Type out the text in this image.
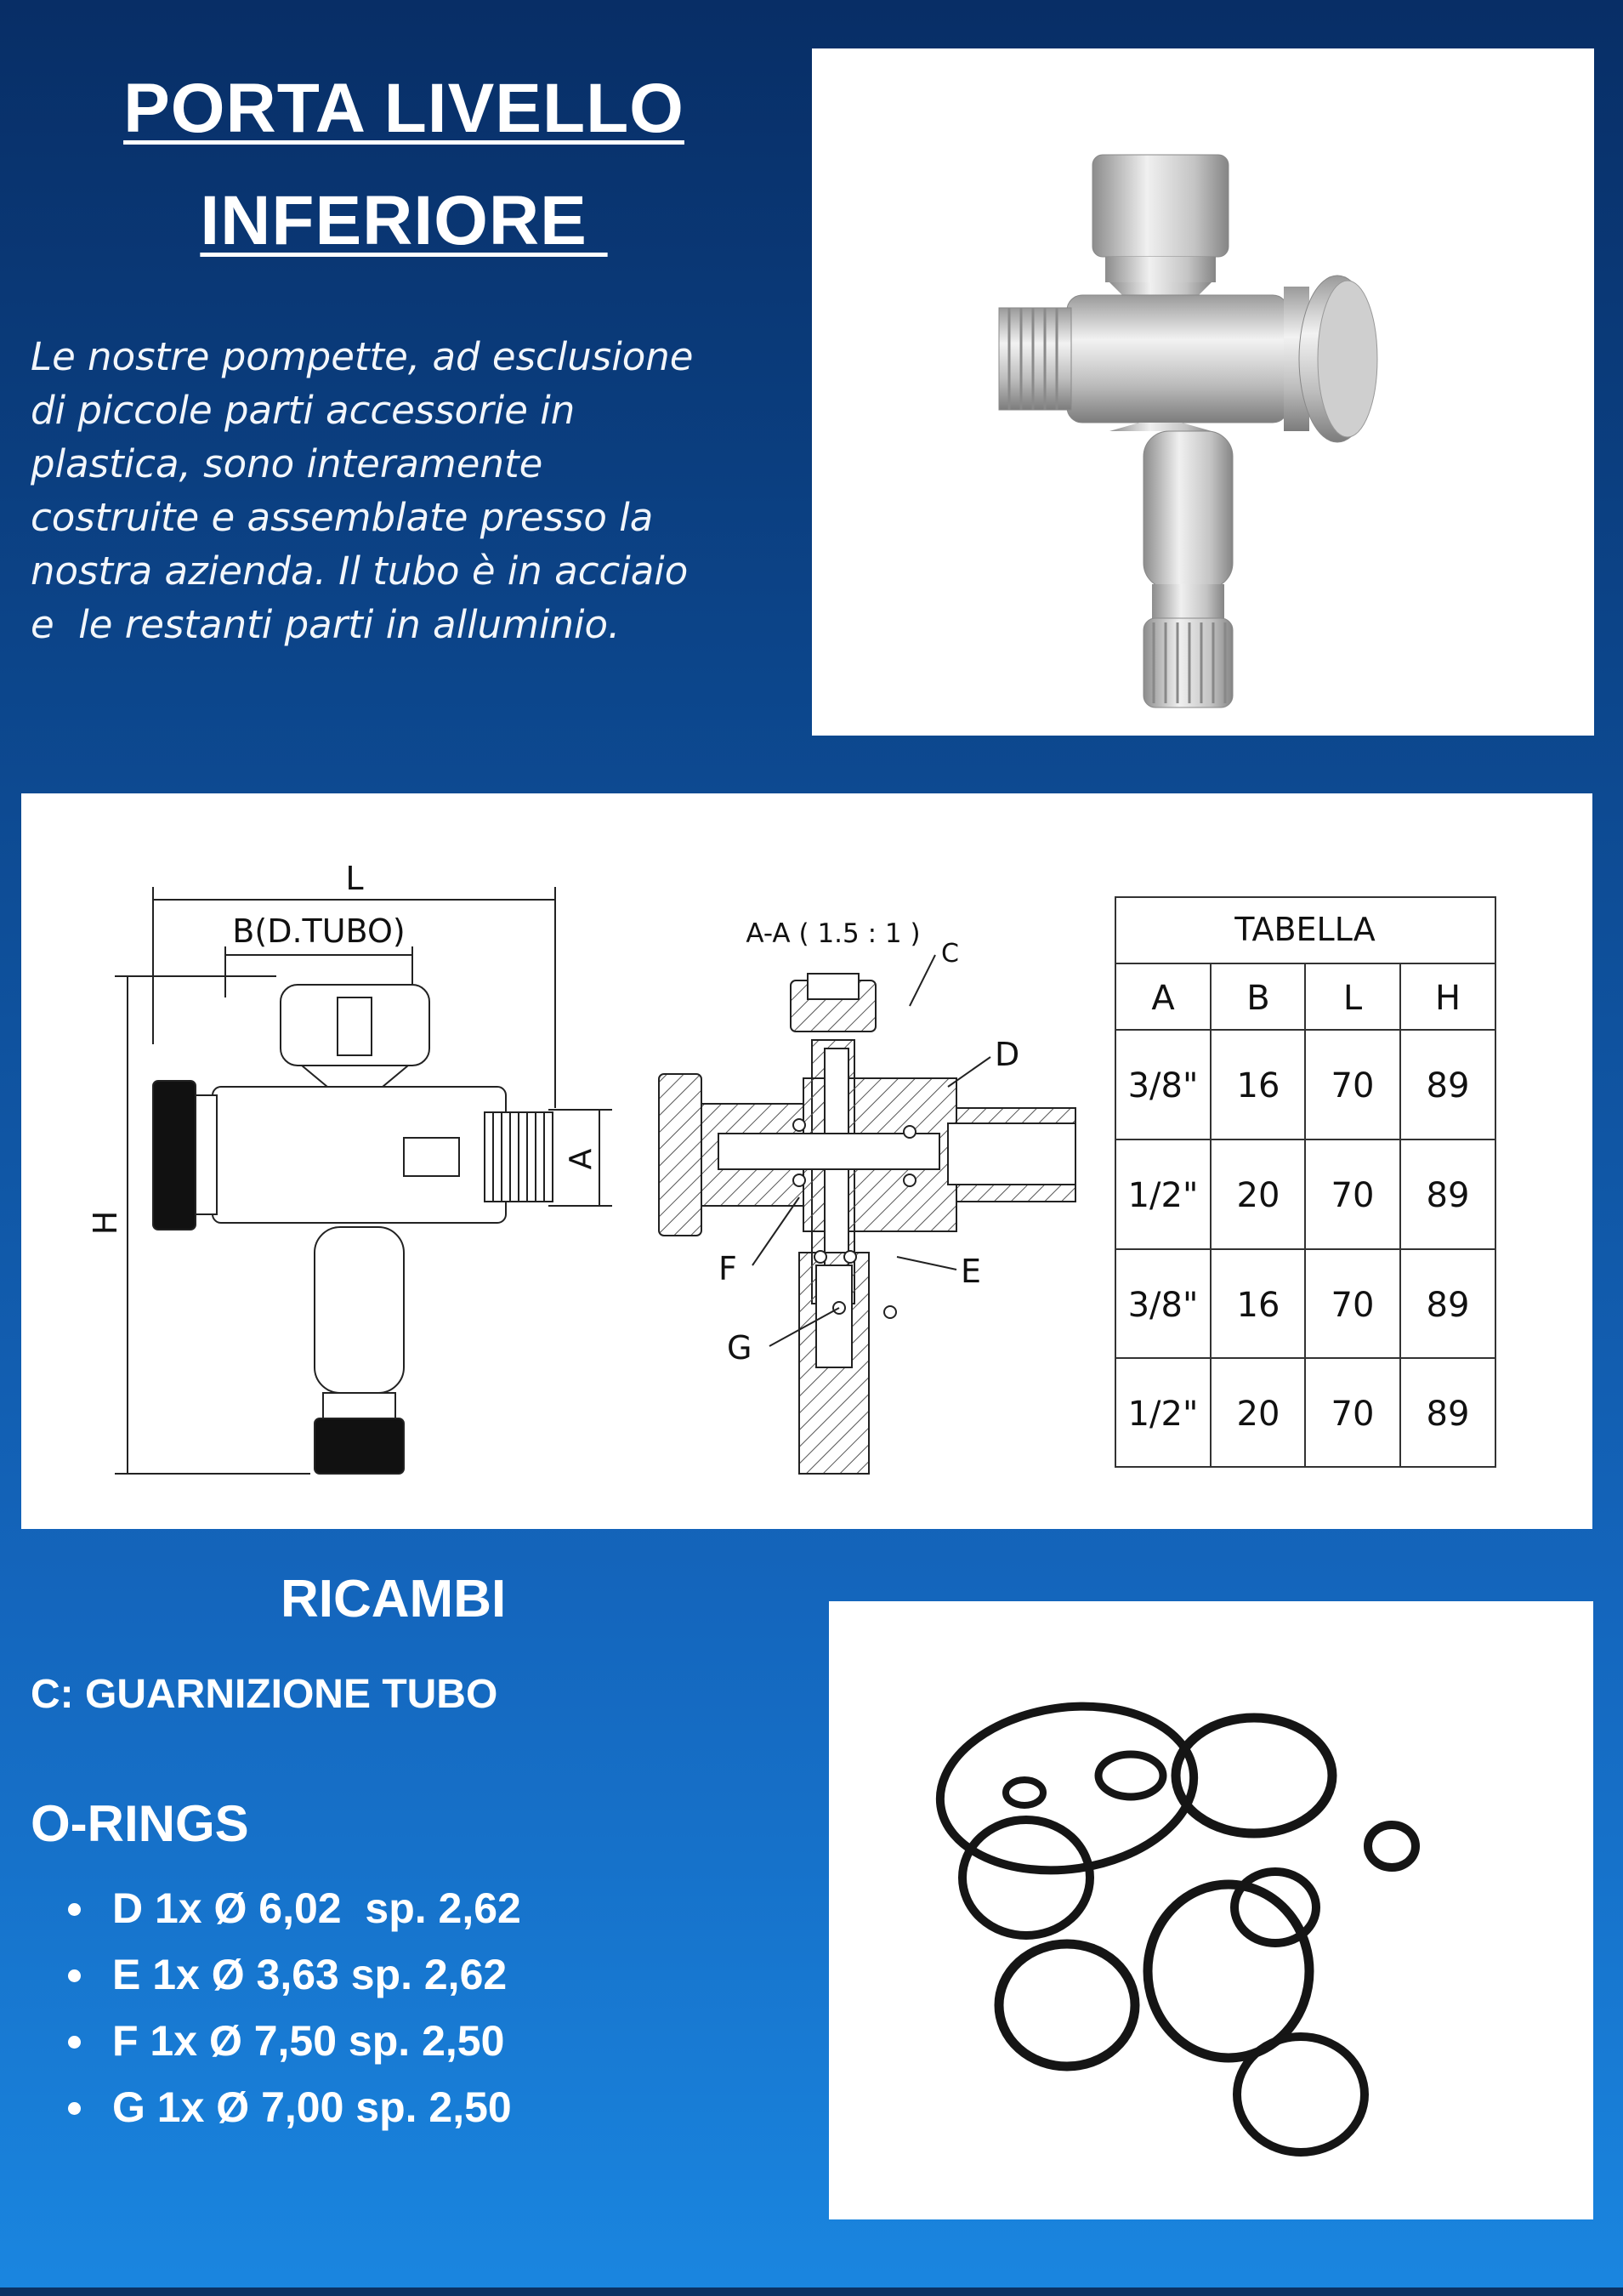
PORTA LIVELLO
INFERIORE
Le nostre pompette, ad esclusione
di piccole parti accessorie in
plastica, sono interamente
costruite e assemblate presso la
nostra azienda. Il tubo è in acciaio
e  le restanti parti in alluminio.
L
B(D.TUBO)
H
A
A-A ( 1.5 : 1 )
C
D
F	E
G
TABELLA
A B L H
3/8" 16 70 89
1/2" 20 70 89
3/8" 16 70 89
1/2" 20 70 89
RICAMBI
C: GUARNIZIONE TUBO
O-RINGS
D 1x Ø 6,02  sp. 2,62
E 1x Ø 3,63 sp. 2,62
F 1x Ø 7,50 sp. 2,50
G 1x Ø 7,00 sp. 2,50
